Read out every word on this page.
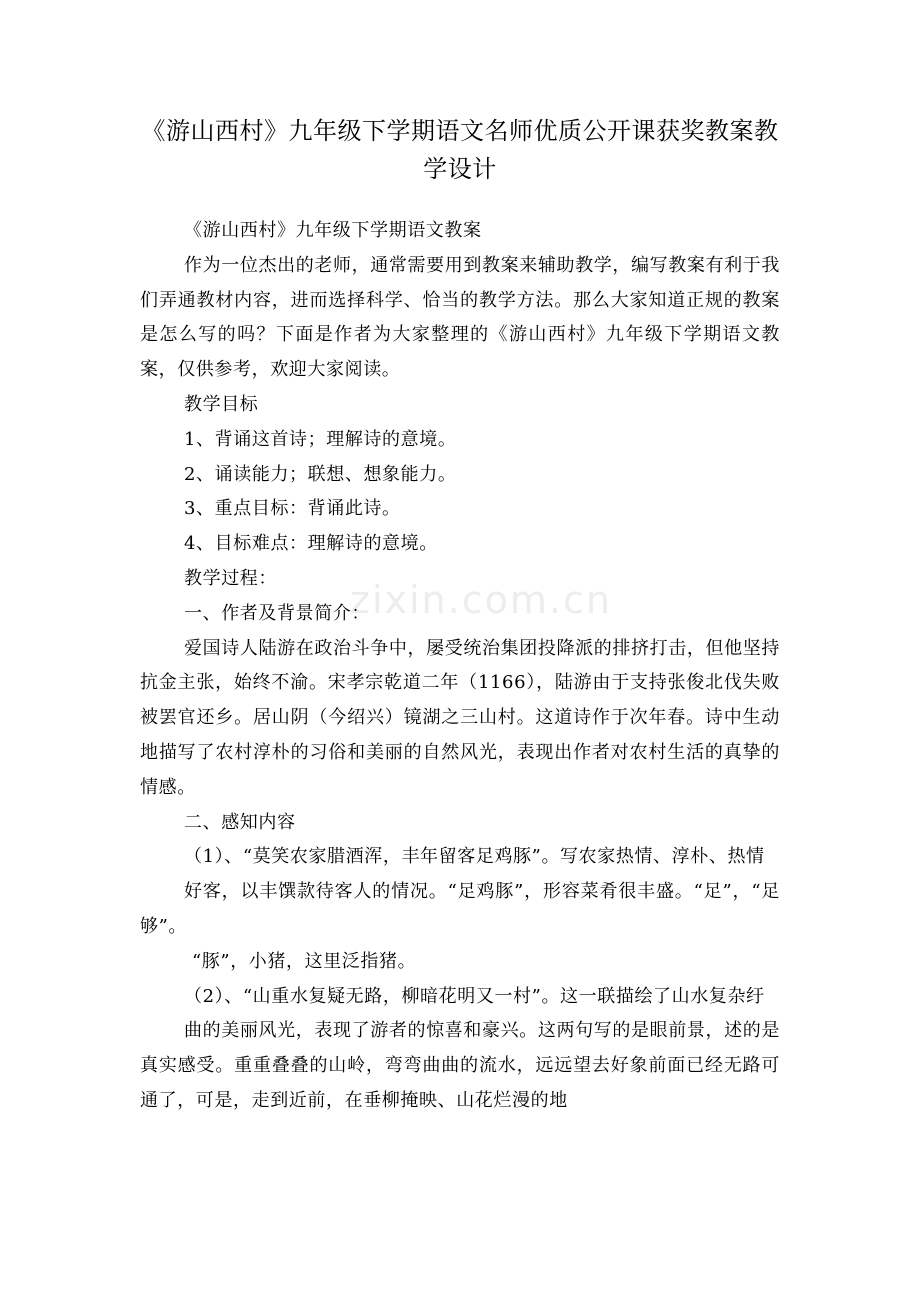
zixin.com.cn
《游山西村》九年级下学期语文名师优质公开课获奖教案教学设计

《游山西村》九年级下学期语文教案

作为一位杰出的老师，通常需要用到教案来辅助教学，编写教案有利于我们弄通教材内容，进而选择科学、恰当的教学方法。那么大家知道正规的教案是怎么写的吗？下面是作者为大家整理的《游山西村》九年级下学期语文教案，仅供参考，欢迎大家阅读。

教学目标

1、背诵这首诗；理解诗的意境。

2、诵读能力；联想、想象能力。

3、重点目标：背诵此诗。

4、目标难点：理解诗的意境。

教学过程：

一、作者及背景简介：

爱国诗人陆游在政治斗争中，屡受统治集团投降派的排挤打击，但他坚持抗金主张，始终不渝。宋孝宗乾道二年（1166），陆游由于支持张俊北伐失败被罢官还乡。居山阴（今绍兴）镜湖之三山村。这道诗作于次年春。诗中生动地描写了农村淳朴的习俗和美丽的自然风光，表现出作者对农村生活的真挚的情感。

二、感知内容

（1）、“莫笑农家腊酒浑，丰年留客足鸡豚”。写农家热情、淳朴、热情

好客，以丰馔款待客人的情况。“足鸡豚”，形容菜肴很丰盛。“足”，“足够”。

“豚”，小猪，这里泛指猪。

（2）、“山重水复疑无路，柳暗花明又一村”。这一联描绘了山水复杂纡

曲的美丽风光，表现了游者的惊喜和豪兴。这两句写的是眼前景，述的是真实感受。重重叠叠的山岭，弯弯曲曲的流水，远远望去好象前面已经无路可通了，可是，走到近前，在垂柳掩映、山花烂漫的地
